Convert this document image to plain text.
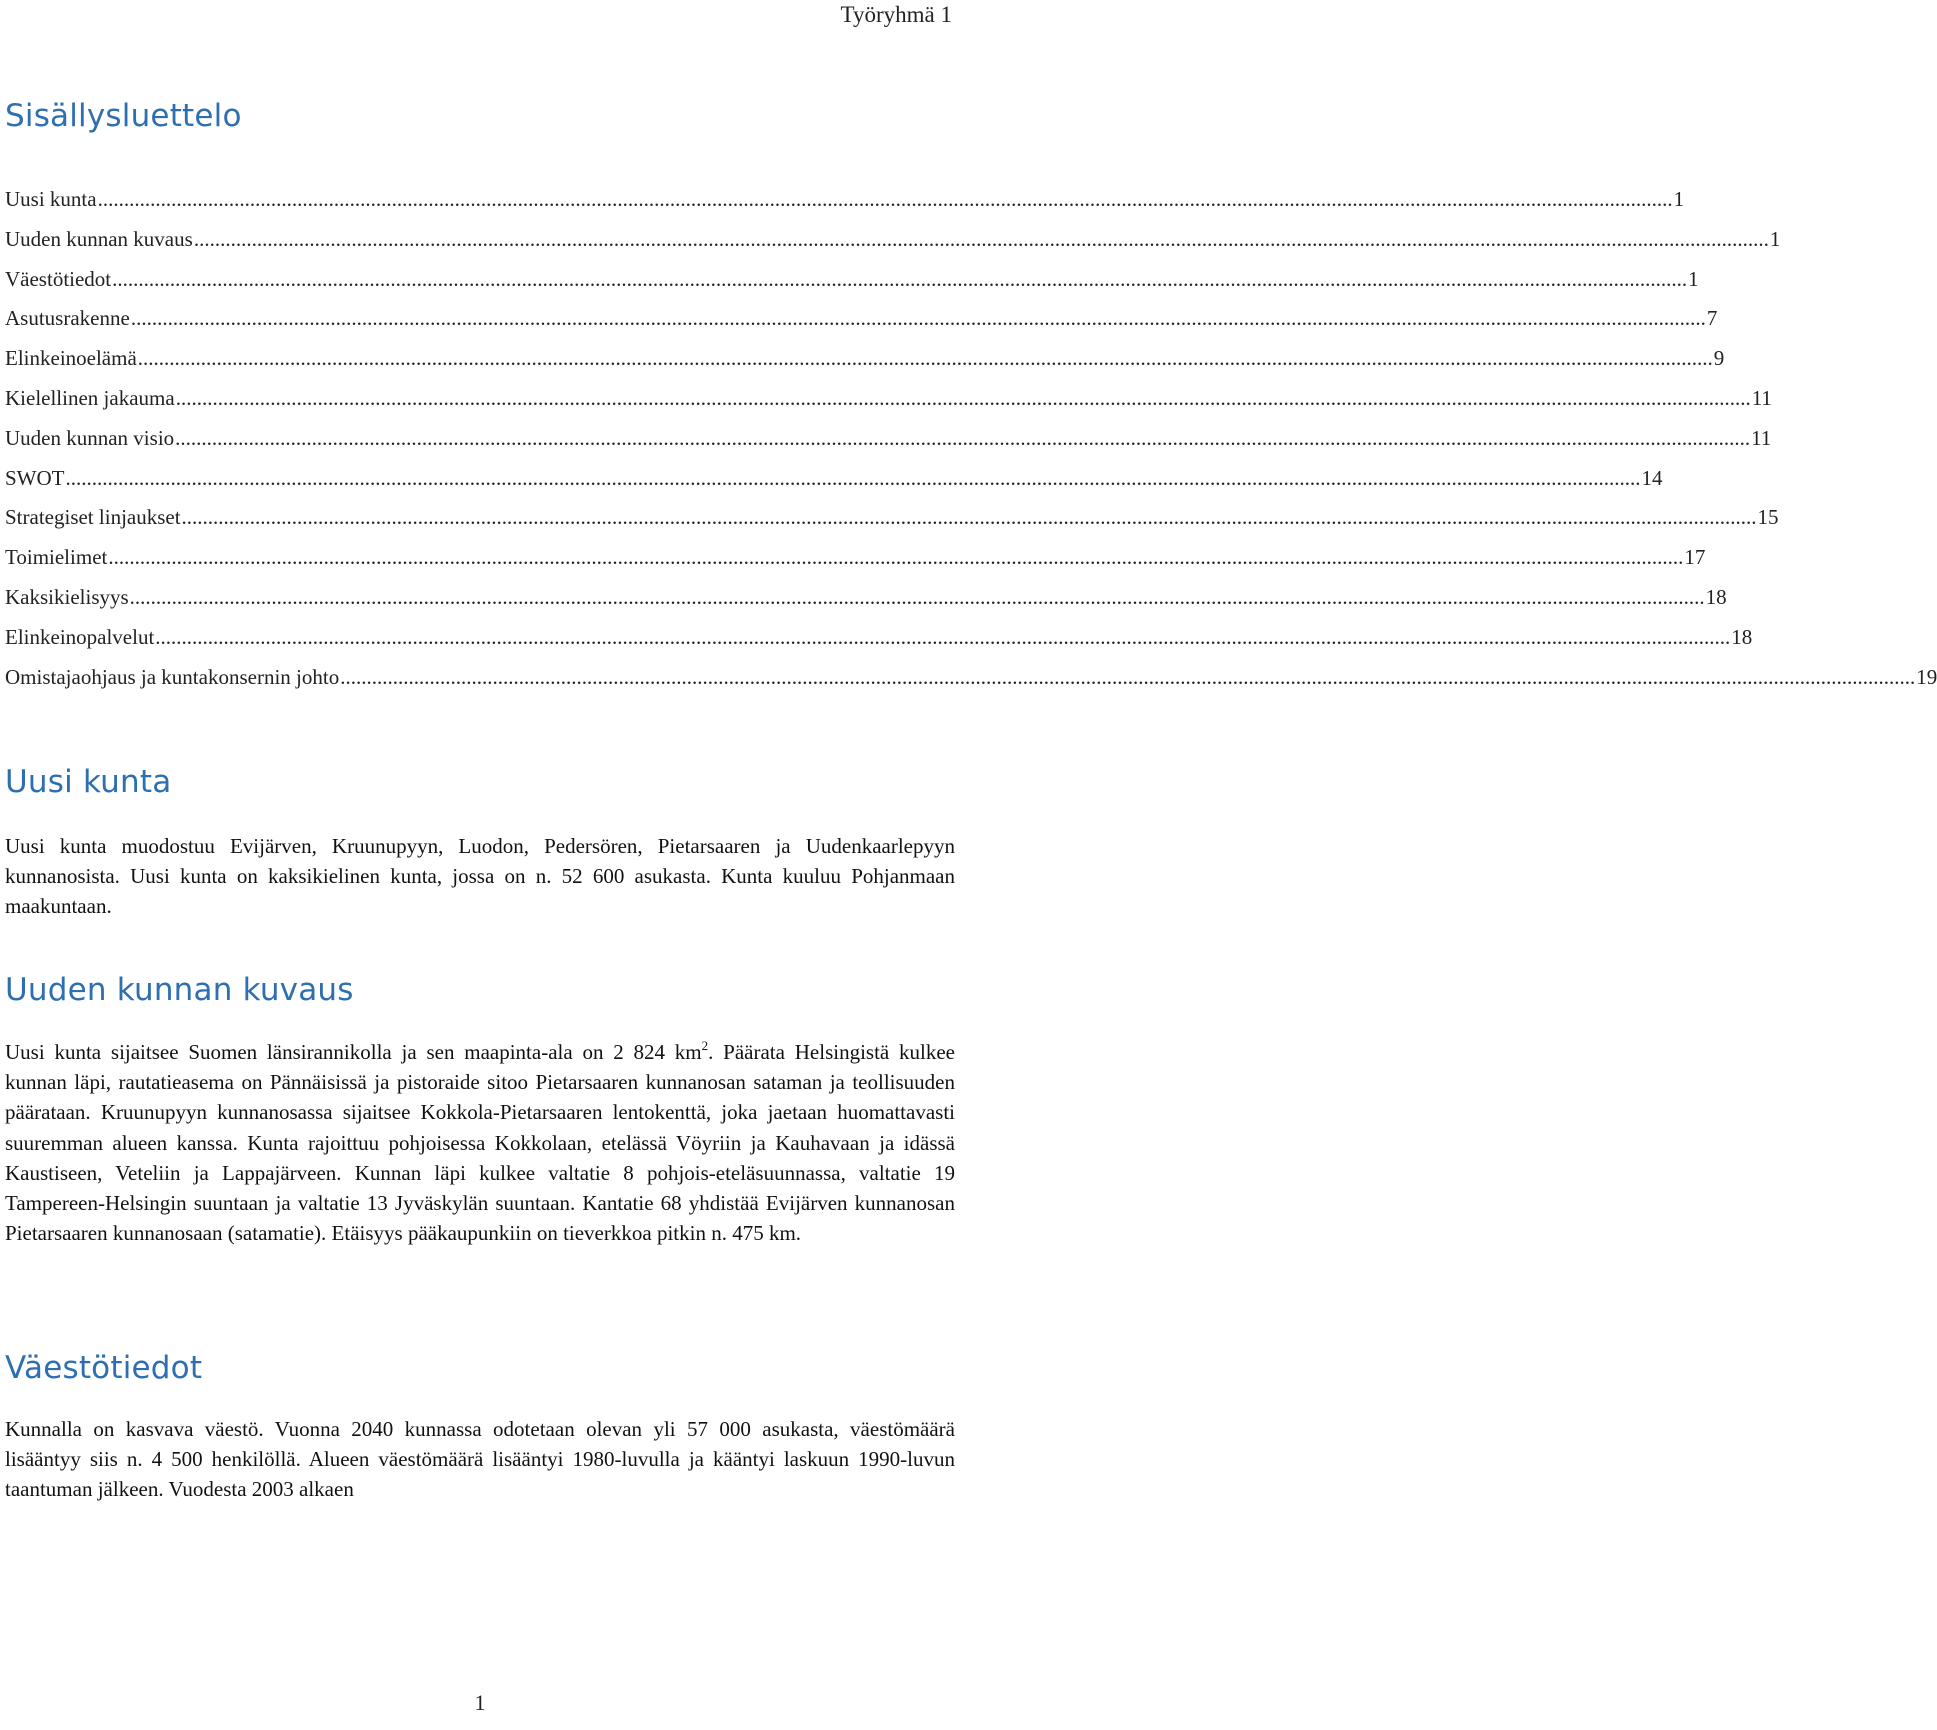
Työryhmä 1
Sisällysluettelo
Uusi kunta ............................................................................................................................................................................................................................................................................................................ 1
Uuden kunnan kuvaus ............................................................................................................................................................................................................................................................................................................ 1
Väestötiedot ............................................................................................................................................................................................................................................................................................................ 1
Asutusrakenne ............................................................................................................................................................................................................................................................................................................ 7
Elinkeinoelämä ............................................................................................................................................................................................................................................................................................................ 9
Kielellinen jakauma ............................................................................................................................................................................................................................................................................................................ 11
Uuden kunnan visio ............................................................................................................................................................................................................................................................................................................ 11
SWOT ............................................................................................................................................................................................................................................................................................................ 14
Strategiset linjaukset ............................................................................................................................................................................................................................................................................................................ 15
Toimielimet ............................................................................................................................................................................................................................................................................................................ 17
Kaksikielisyys ............................................................................................................................................................................................................................................................................................................ 18
Elinkeinopalvelut ............................................................................................................................................................................................................................................................................................................ 18
Omistajaohjaus ja kuntakonsernin johto ............................................................................................................................................................................................................................................................................................................ 19
Uusi kunta

Uusi kunta muodostuu Evijärven, Kruunupyyn, Luodon, Pedersören, Pietarsaaren ja Uudenkaarlepyyn kunnanosista. Uusi kunta on kaksikielinen kunta, jossa on n. 52 600 asukasta. Kunta kuuluu Pohjanmaan maakuntaan.

Uuden kunnan kuvaus

Uusi kunta sijaitsee Suomen länsirannikolla ja sen maapinta-ala on 2 824 $km^2$. Päärata Helsingistä kulkee kunnan läpi, rautatieasema on Pännäisissä ja pistoraide sitoo Pietarsaaren kunnanosan sataman ja teollisuuden päärataan. Kruunupyyn kunnanosassa sijaitsee Kokkola-Pietarsaaren lentokenttä, joka jaetaan huomattavasti suuremman alueen kanssa. Kunta rajoittuu pohjoisessa Kokkolaan, etelässä Vöyriin ja Kauhavaan ja idässä Kaustiseen, Veteliin ja Lappajärveen. Kunnan läpi kulkee valtatie 8 pohjois-eteläsuunnassa, valtatie 19 Tampereen-Helsingin suuntaan ja valtatie 13 Jyväskylän suuntaan. Kantatie 68 yhdistää Evijärven kunnanosan Pietarsaaren kunnanosaan (satamatie). Etäisyys pääkaupunkiin on tieverkkoa pitkin n. 475 km.

Väestötiedot

Kunnalla on kasvava väestö. Vuonna 2040 kunnassa odotetaan olevan yli 57 000 asukasta, väestömäärä lisääntyy siis n. 4 500 henkilöllä. Alueen väestömäärä lisääntyi 1980-luvulla ja kääntyi laskuun 1990-luvun taantuman jälkeen. Vuodesta 2003 alkaen

1
